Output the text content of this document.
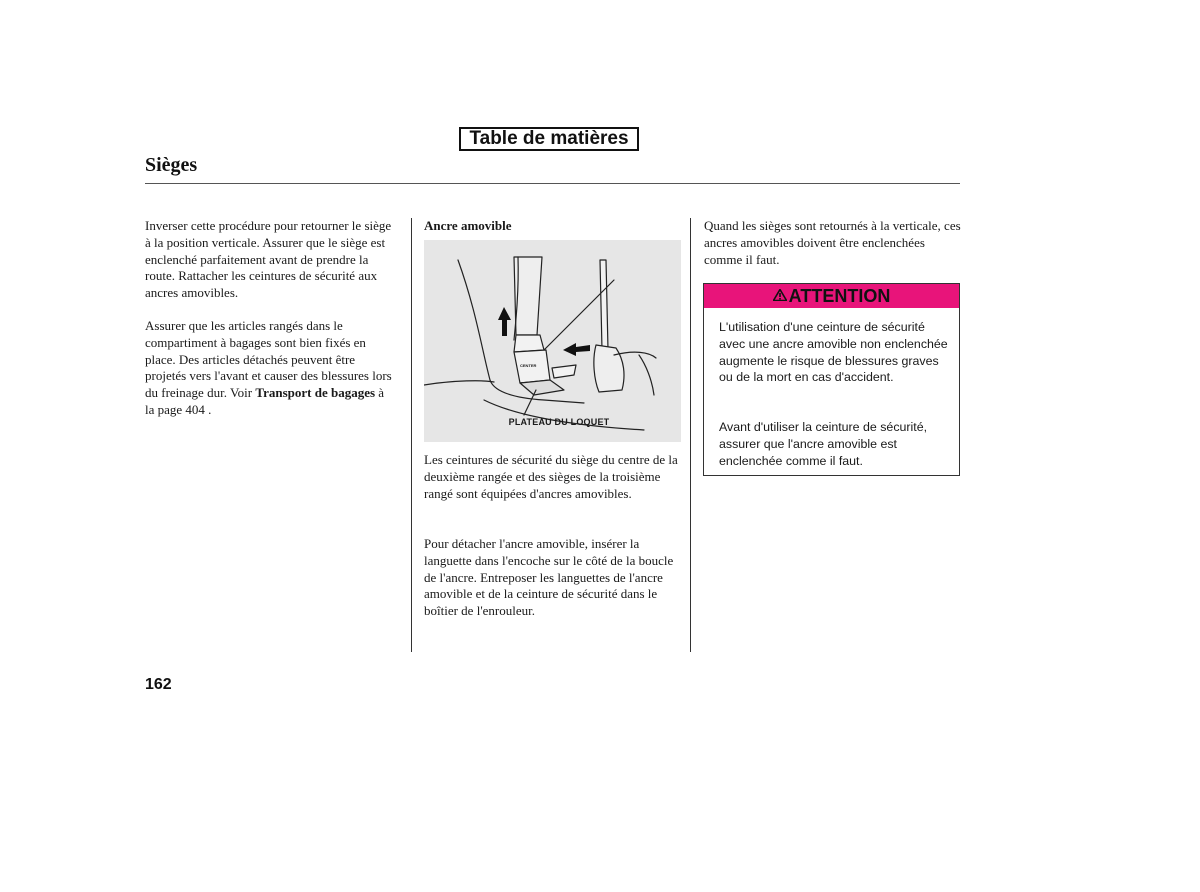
Table de matières
Sièges

Inverser cette procédure pour retourner le siège à la position verticale. Assurer que le siège est enclenché parfaitement avant de prendre la route. Rattacher les ceintures de sécurité aux ancres amovibles.

Assurer que les articles rangés dans le compartiment à bagages sont bien fixés en place. Des articles détachés peuvent être projetés vers l'avant et causer des blessures lors du freinage dur. Voir Transport de bagages à la page 404 .

Ancre amovible
CENTER
PLATEAU DU LOQUET

Les ceintures de sécurité du siège du centre de la deuxième rangée et des sièges de la troisième rangé sont équipées d'ancres amovibles.

Pour détacher l'ancre amovible, insérer la languette dans l'encoche sur le côté de la boucle de l'ancre. Entreposer les languettes de l'ancre amovible et de la ceinture de sécurité dans le boîtier de l'enrouleur.

Quand les sièges sont retournés à la verticale, ces ancres amovibles doivent être enclenchées comme il faut.

ATTENTION

L'utilisation d'une ceinture de sécurité avec une ancre amovible non enclenchée augmente le risque de blessures graves ou de la mort en cas d'accident.

Avant d'utiliser la ceinture de sécurité, assurer que l'ancre amovible est enclenchée comme il faut.

162
